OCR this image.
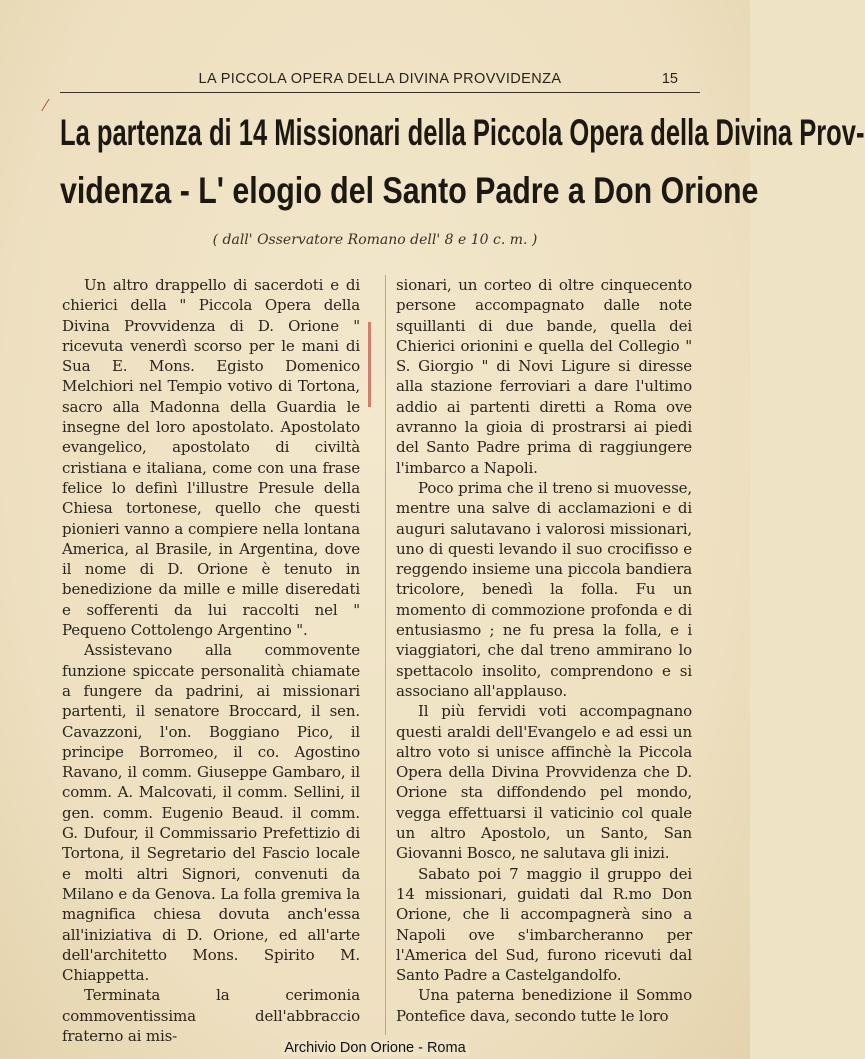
LA PICCOLA OPERA DELLA DIVINA PROVVIDENZA	15
⁄
La partenza di 14 Missionari della Piccola Opera della Divina Prov-
videnza - L' elogio del Santo Padre a Don Orione
( dall' Osservatore Romano dell' 8 e 10 c. m. )

Un altro drappello di sacerdoti e di chierici della " Piccola Opera della Divina Provvidenza di D. Orione " ricevuta venerdì scorso per le mani di Sua E. Mons. Egisto Domenico Melchiori nel Tempio votivo di Tortona, sacro alla Madonna della Guardia le insegne del loro apostolato. Apostolato evangelico, apostolato di civiltà cristiana e italiana, come con una frase felice lo definì l'illustre Presule della Chiesa tortonese, quello che questi pionieri vanno a compiere nella lontana America, al Brasile, in Argentina, dove il nome di D. Orione è tenuto in benedizione da mille e mille diseredati e sofferenti da lui raccolti nel " Pequeno Cottolengo Argentino ".

Assistevano alla commovente funzione spiccate personalità chiamate a fungere da padrini, ai missionari partenti, il senatore Broccard, il sen. Cavazzoni, l'on. Boggiano Pico, il principe Borromeo, il co. Agostino Ravano, il comm. Giuseppe Gambaro, il comm. A. Malcovati, il comm. Sellini, il gen. comm. Eugenio Beaud. il comm. G. Dufour, il Commissario Prefettizio di Tortona, il Segretario del Fascio locale e molti altri Signori, convenuti da Milano e da Genova. La folla gremiva la magnifica chiesa dovuta anch'essa all'iniziativa di D. Orione, ed all'arte dell'architetto Mons. Spirito M. Chiappetta.

Terminata la cerimonia commoventissima dell'abbraccio fraterno ai mis-

sionari, un corteo di oltre cinquecento persone accompagnato dalle note squillanti di due bande, quella dei Chierici orionini e quella del Collegio " S. Giorgio " di Novi Ligure si diresse alla stazione ferroviari a dare l'ultimo addio ai partenti diretti a Roma ove avranno la gioia di prostrarsi ai piedi del Santo Padre prima di raggiungere l'imbarco a Napoli.

Poco prima che il treno si muovesse, mentre una salve di acclamazioni e di auguri salutavano i valorosi missionari, uno di questi levando il suo crocifisso e reggendo insieme una piccola bandiera tricolore, benedì la folla. Fu un momento di commozione profonda e di entusiasmo ; ne fu presa la folla, e i viaggiatori, che dal treno ammirano lo spettacolo insolito, comprendono e si associano all'applauso.

Il più fervidi voti accompagnano questi araldi dell'Evangelo e ad essi un altro voto si unisce affinchè la Piccola Opera della Divina Provvidenza che D. Orione sta diffondendo pel mondo, vegga effettuarsi il vaticinio col quale un altro Apostolo, un Santo, San Giovanni Bosco, ne salutava gli inizi.

Sabato poi 7 maggio il gruppo dei 14 missionari, guidati dal R.mo Don Orione, che li accompagnerà sino a Napoli ove s'imbarcheranno per l'America del Sud, furono ricevuti dal Santo Padre a Castelgandolfo.

Una paterna benedizione il Sommo Pontefice dava, secondo tutte le loro

Archivio Don Orione - Roma
